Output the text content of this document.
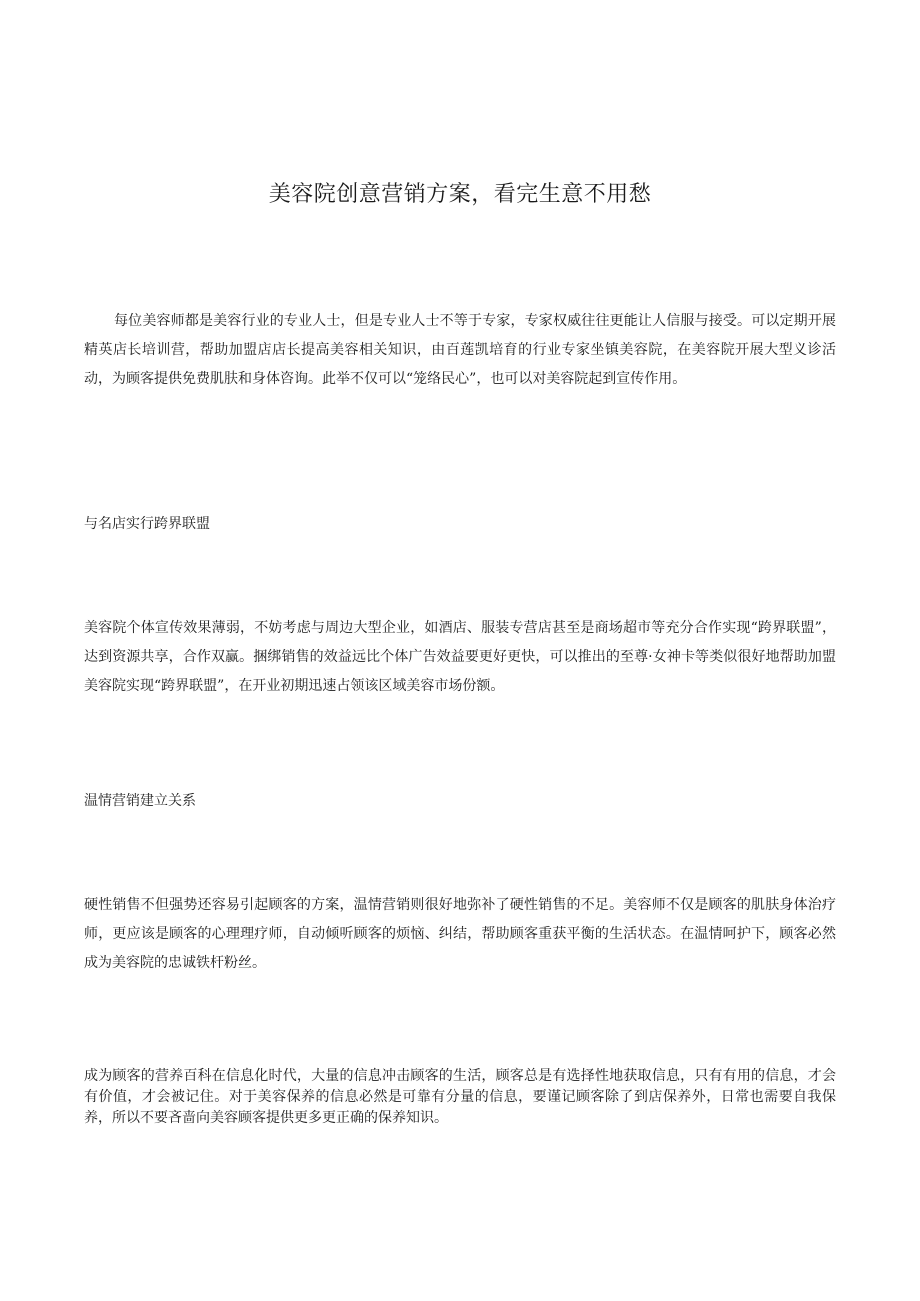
美容院创意营销方案，看完生意不用愁

每位美容师都是美容行业的专业人士，但是专业人士不等于专家，专家权威往往更能让人信服与接受。可以定期开展精英店长培训营，帮助加盟店店长提高美容相关知识，由百莲凯培育的行业专家坐镇美容院，在美容院开展大型义诊活动，为顾客提供免费肌肤和身体咨询。此举不仅可以“笼络民心”，也可以对美容院起到宣传作用。

与名店实行跨界联盟

美容院个体宣传效果薄弱，不妨考虑与周边大型企业，如酒店、服装专营店甚至是商场超市等充分合作实现“跨界联盟”，达到资源共享，合作双赢。捆绑销售的效益远比个体广告效益要更好更快，可以推出的至尊·女神卡等类似很好地帮助加盟美容院实现“跨界联盟”，在开业初期迅速占领该区域美容市场份额。

温情营销建立关系

硬性销售不但强势还容易引起顾客的方案，温情营销则很好地弥补了硬性销售的不足。美容师不仅是顾客的肌肤身体治疗师，更应该是顾客的心理理疗师，自动倾听顾客的烦恼、纠结，帮助顾客重获平衡的生活状态。在温情呵护下，顾客必然成为美容院的忠诚铁杆粉丝。

成为顾客的营养百科在信息化时代，大量的信息冲击顾客的生活，顾客总是有选择性地获取信息，只有有用的信息，才会有价值，才会被记住。对于美容保养的信息必然是可靠有分量的信息，要谨记顾客除了到店保养外，日常也需要自我保养，所以不要吝啬向美容顾客提供更多更正确的保养知识。
